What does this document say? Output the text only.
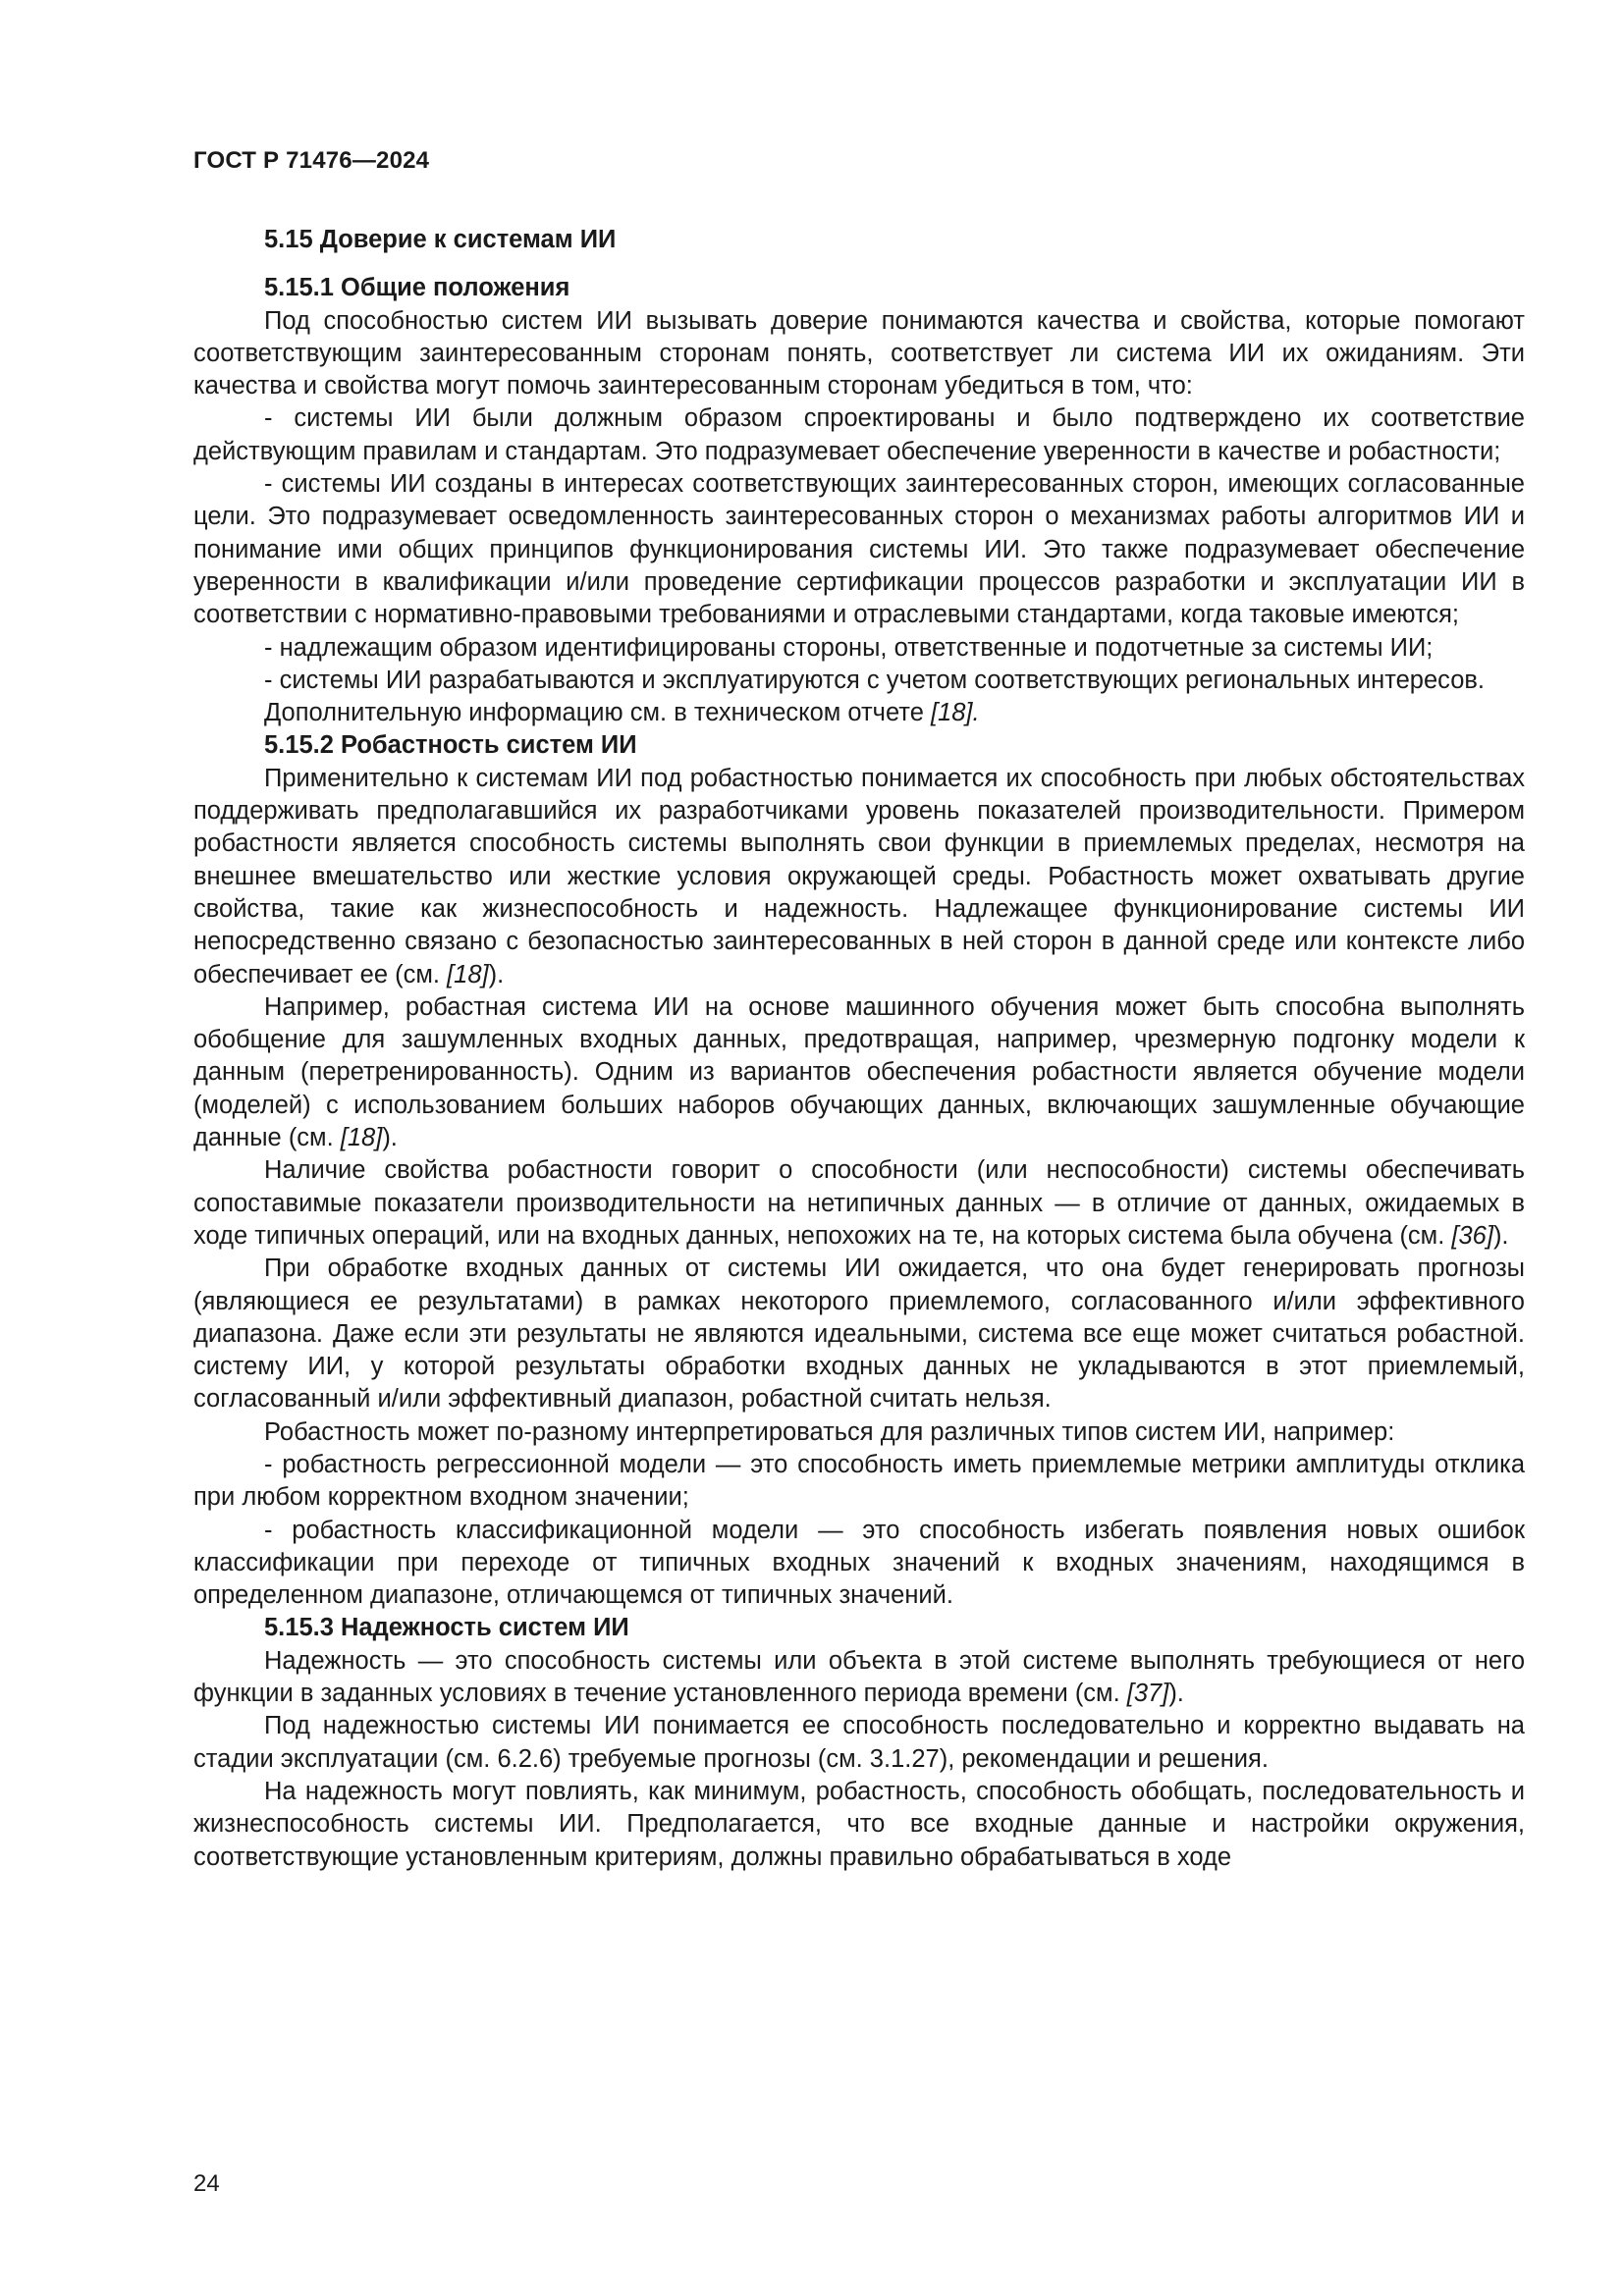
ГОСТ Р 71476—2024

5.15 Доверие к системам ИИ

5.15.1 Общие положения

Под способностью систем ИИ вызывать доверие понимаются качества и свойства, которые помогают соответствующим заинтересованным сторонам понять, соответствует ли система ИИ их ожиданиям. Эти качества и свойства могут помочь заинтересованным сторонам убедиться в том, что:

- системы ИИ были должным образом спроектированы и было подтверждено их соответствие действующим правилам и стандартам. Это подразумевает обеспечение уверенности в качестве и робастности;

- системы ИИ созданы в интересах соответствующих заинтересованных сторон, имеющих согласованные цели. Это подразумевает осведомленность заинтересованных сторон о механизмах работы алгоритмов ИИ и понимание ими общих принципов функционирования системы ИИ. Это также подразумевает обеспечение уверенности в квалификации и/или проведение сертификации процессов разработки и эксплуатации ИИ в соответствии с нормативно-правовыми требованиями и отраслевыми стандартами, когда таковые имеются;

- надлежащим образом идентифицированы стороны, ответственные и подотчетные за системы ИИ;

- системы ИИ разрабатываются и эксплуатируются с учетом соответствующих региональных интересов.

Дополнительную информацию см. в техническом отчете [18].

5.15.2 Робастность систем ИИ

Применительно к системам ИИ под робастностью понимается их способность при любых обстоятельствах поддерживать предполагавшийся их разработчиками уровень показателей производительности. Примером робастности является способность системы выполнять свои функции в приемлемых пределах, несмотря на внешнее вмешательство или жесткие условия окружающей среды. Робастность может охватывать другие свойства, такие как жизнеспособность и надежность. Надлежащее функционирование системы ИИ непосредственно связано с безопасностью заинтересованных в ней сторон в данной среде или контексте либо обеспечивает ее (см. [18]).

Например, робастная система ИИ на основе машинного обучения может быть способна выполнять обобщение для зашумленных входных данных, предотвращая, например, чрезмерную подгонку модели к данным (перетренированность). Одним из вариантов обеспечения робастности является обучение модели (моделей) с использованием больших наборов обучающих данных, включающих зашумленные обучающие данные (см. [18]).

Наличие свойства робастности говорит о способности (или неспособности) системы обеспечивать сопоставимые показатели производительности на нетипичных данных — в отличие от данных, ожидаемых в ходе типичных операций, или на входных данных, непохожих на те, на которых система была обучена (см. [36]).

При обработке входных данных от системы ИИ ожидается, что она будет генерировать прогнозы (являющиеся ее результатами) в рамках некоторого приемлемого, согласованного и/или эффективного диапазона. Даже если эти результаты не являются идеальными, система все еще может считаться робастной. систему ИИ, у которой результаты обработки входных данных не укладываются в этот приемлемый, согласованный и/или эффективный диапазон, робастной считать нельзя.

Робастность может по-разному интерпретироваться для различных типов систем ИИ, например:

- робастность регрессионной модели — это способность иметь приемлемые метрики амплитуды отклика при любом корректном входном значении;

- робастность классификационной модели — это способность избегать появления новых ошибок классификации при переходе от типичных входных значений к входных значениям, находящимся в определенном диапазоне, отличающемся от типичных значений.

5.15.3 Надежность систем ИИ

Надежность — это способность системы или объекта в этой системе выполнять требующиеся от него функции в заданных условиях в течение установленного периода времени (см. [37]).

Под надежностью системы ИИ понимается ее способность последовательно и корректно выдавать на стадии эксплуатации (см. 6.2.6) требуемые прогнозы (см. 3.1.27), рекомендации и решения.

На надежность могут повлиять, как минимум, робастность, способность обобщать, последовательность и жизнеспособность системы ИИ. Предполагается, что все входные данные и настройки окружения, соответствующие установленным критериям, должны правильно обрабатываться в ходе

24
